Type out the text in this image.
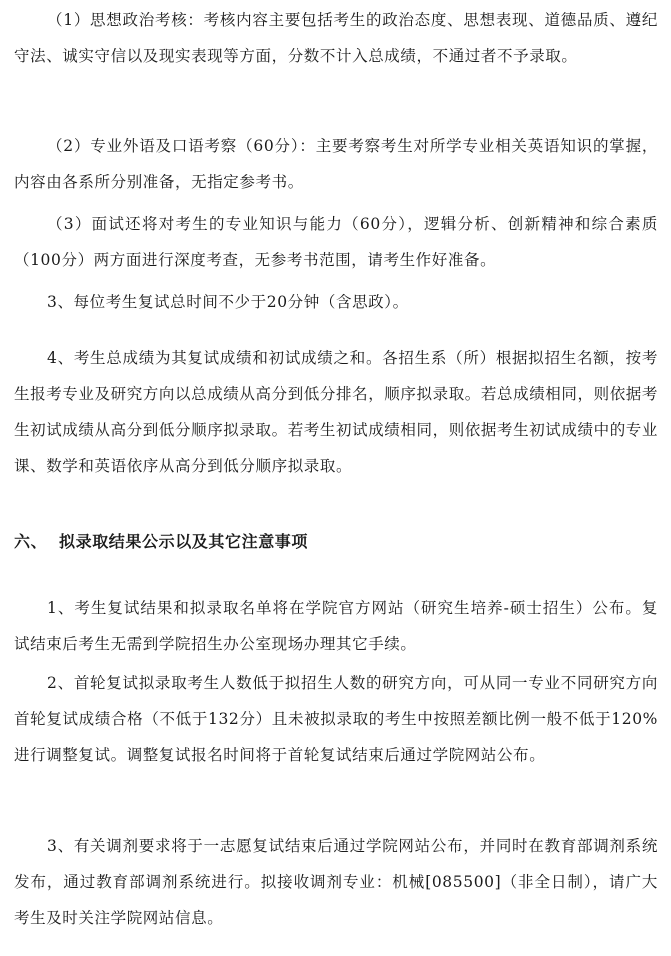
（1）思想政治考核：考核内容主要包括考生的政治态度、思想表现、道德品质、遵纪守法、诚实守信以及现实表现等方面，分数不计入总成绩，不通过者不予录取。

（2）专业外语及口语考察（60分）：主要考察考生对所学专业相关英语知识的掌握，内容由各系所分别准备，无指定参考书。

（3）面试还将对考生的专业知识与能力（60分），逻辑分析、创新精神和综合素质（100分）两方面进行深度考查，无参考书范围，请考生作好准备。

3、每位考生复试总时间不少于20分钟（含思政）。

4、考生总成绩为其复试成绩和初试成绩之和。各招生系（所）根据拟招生名额，按考生报考专业及研究方向以总成绩从高分到低分排名，顺序拟录取。若总成绩相同，则依据考生初试成绩从高分到低分顺序拟录取。若考生初试成绩相同，则依据考生初试成绩中的专业课、数学和英语依序从高分到低分顺序拟录取。

六、 拟录取结果公示以及其它注意事项

1、考生复试结果和拟录取名单将在学院官方网站（研究生培养-硕士招生）公布。复试结束后考生无需到学院招生办公室现场办理其它手续。

2、首轮复试拟录取考生人数低于拟招生人数的研究方向，可从同一专业不同研究方向首轮复试成绩合格（不低于132分）且未被拟录取的考生中按照差额比例一般不低于120%进行调整复试。调整复试报名时间将于首轮复试结束后通过学院网站公布。

3、有关调剂要求将于一志愿复试结束后通过学院网站公布，并同时在教育部调剂系统发布，通过教育部调剂系统进行。拟接收调剂专业：机械[085500]（非全日制），请广大考生及时关注学院网站信息。
